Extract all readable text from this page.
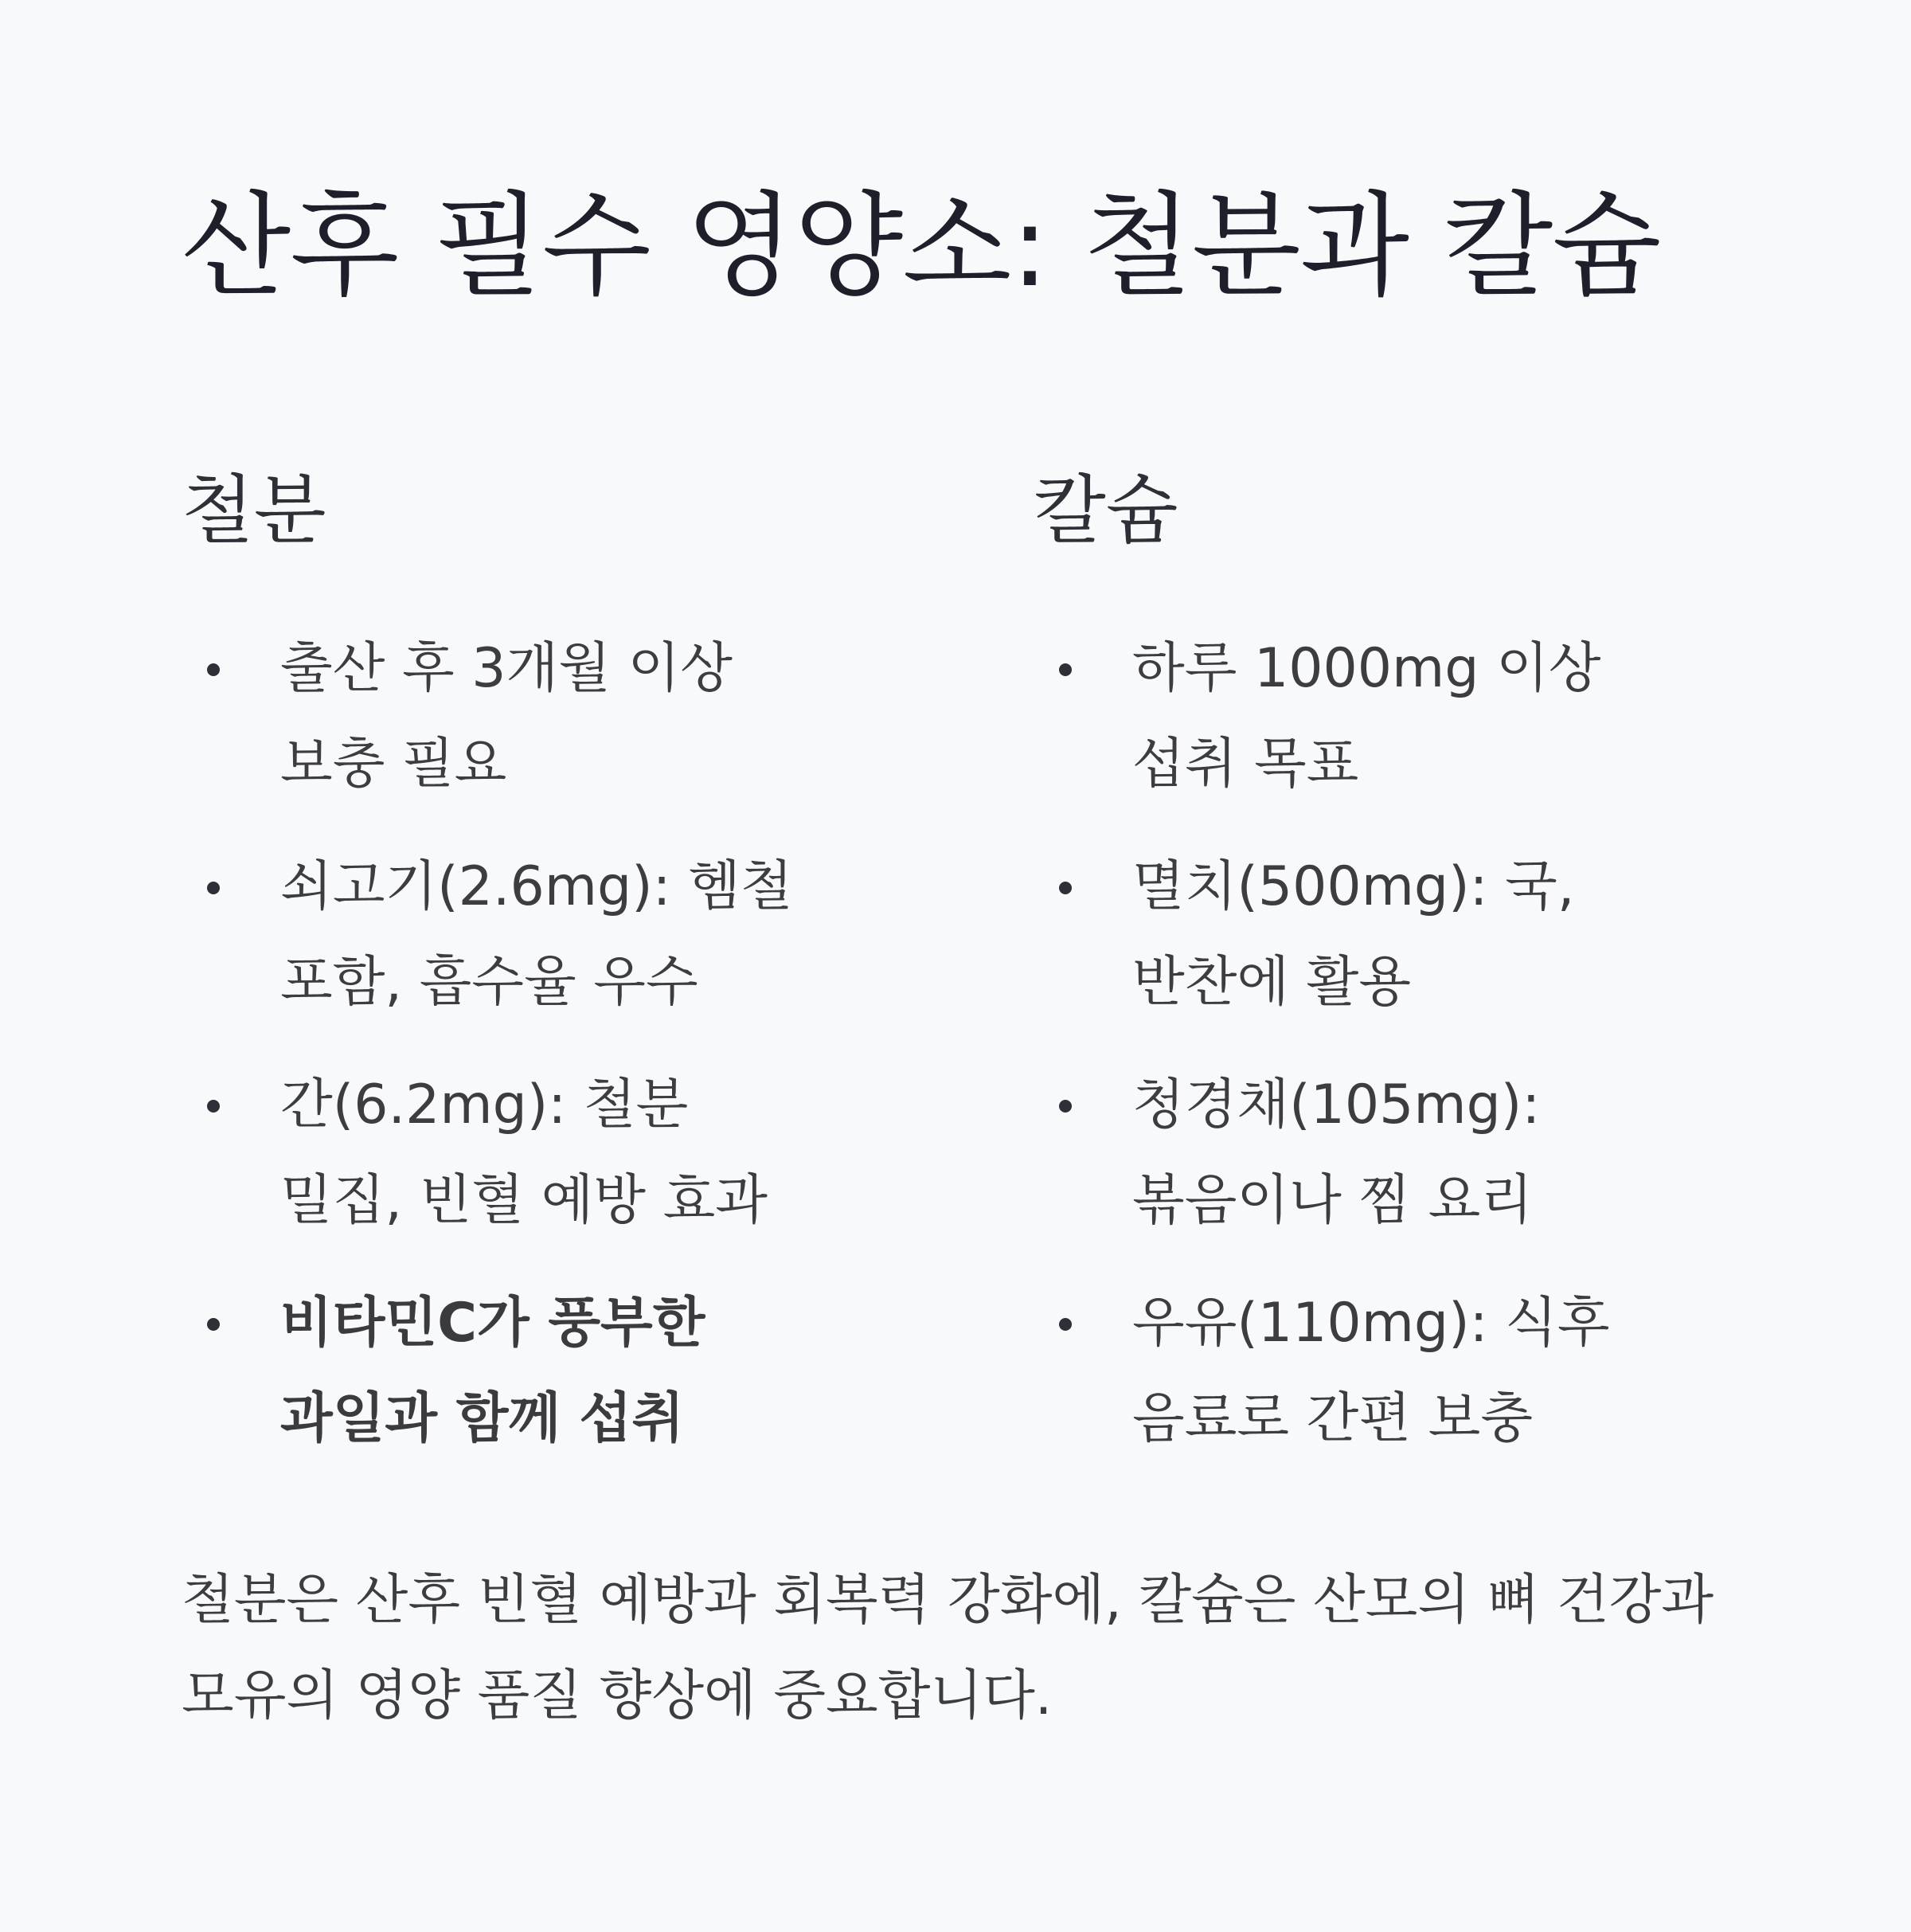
산후 필수 영양소: 철분과 칼슘
철분
출산 후 3개월 이상 보충 필요
쇠고기(2.6mg): 헴철 포함, 흡수율 우수
간(6.2mg): 철분 밀집, 빈혈 예방 효과
비타민C가 풍부한 과일과 함께 섭취
칼슘
하루 1000mg 이상 섭취 목표
멸치(500mg): 국, 반찬에 활용
청경채(105mg): 볶음이나 찜 요리
우유(110mg): 식후 음료로 간편 보충

철분은 산후 빈혈 예방과 회복력 강화에, 칼슘은 산모의 뼈 건강과 모유의 영양 품질 향상에 중요합니다.
